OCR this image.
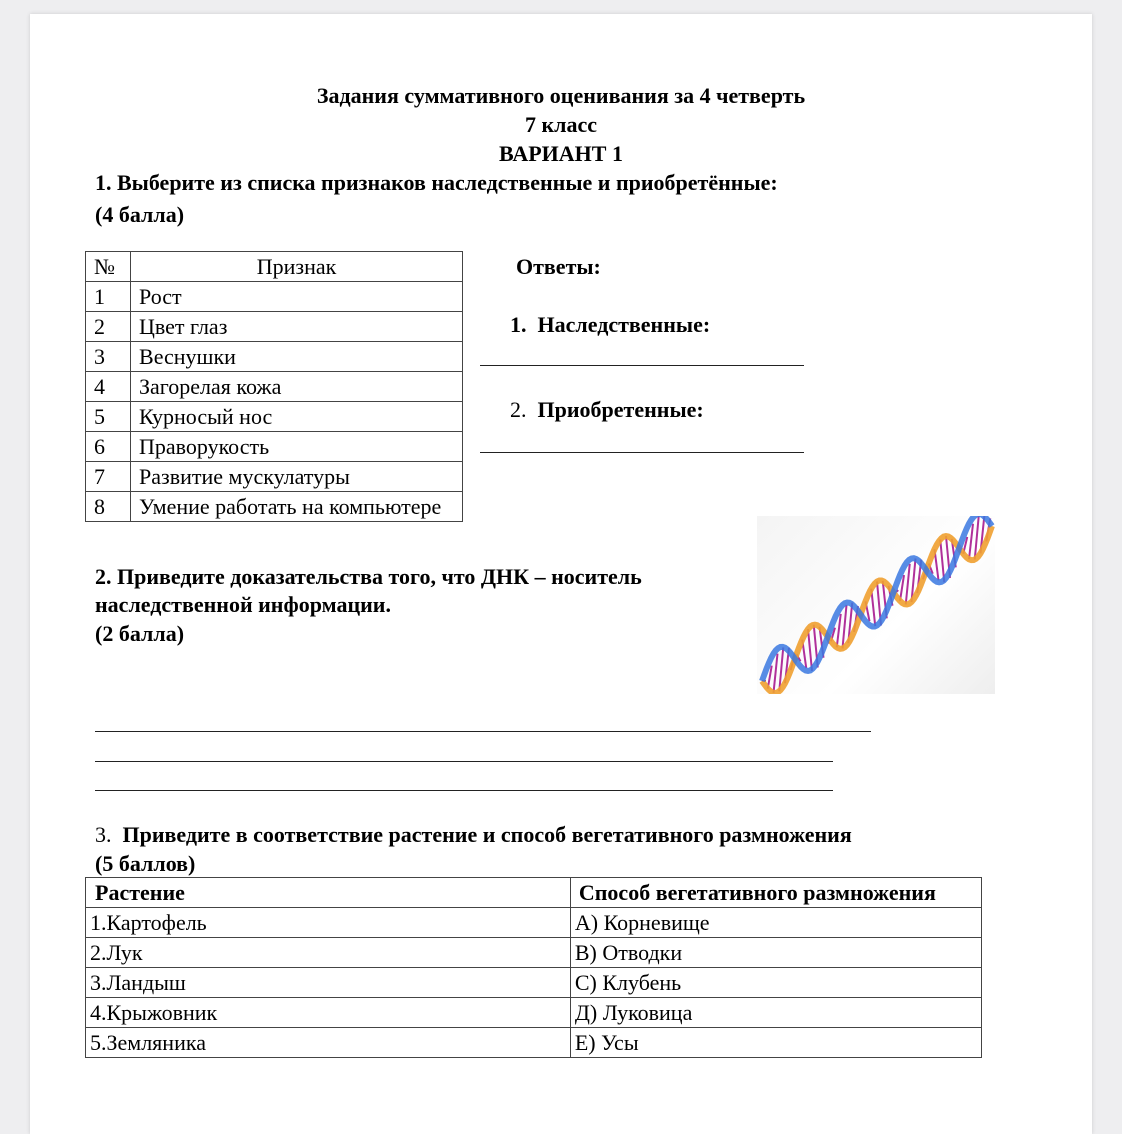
Задания суммативного оценивания за 4 четверть
7 класс
ВАРИАНТ 1
1. Выберите из списка признаков наследственные и приобретённые:
(4 балла)
№	Признак
1	Рост
2	Цвет глаз
3	Веснушки
4	Загорелая кожа
5	Курносый нос
6	Праворукость
7	Развитие мускулатуры
8	Умение работать на компьютере
Ответы:
1. Наследственные:
2. Приобретенные:
2. Приведите доказательства того, что ДНК – носитель
наследственной информации.
(2 балла)
3. Приведите в соответствие растение и способ вегетативного размножения
(5 баллов)
Растение	Способ вегетативного размножения
1.Картофель	А) Корневище
2.Лук	В) Отводки
3.Ландыш	С) Клубень
4.Крыжовник	Д) Луковица
5.Земляника	Е) Усы
